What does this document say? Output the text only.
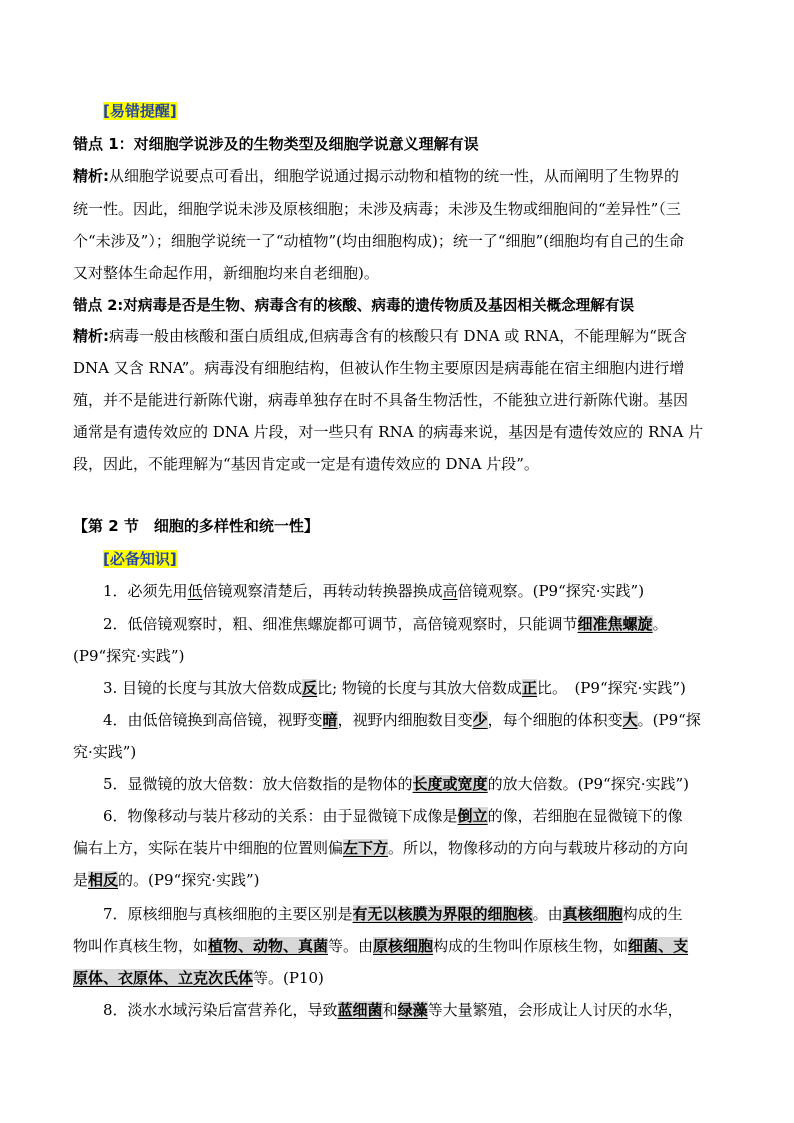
[易错提醒]
错点 1：对细胞学说涉及的生物类型及细胞学说意义理解有误
精析:从细胞学说要点可看出，细胞学说通过揭示动物和植物的统一性，从而阐明了生物界的
统一性。因此，细胞学说未涉及原核细胞；未涉及病毒；未涉及生物或细胞间的“差异性”（三
个“未涉及”）；细胞学说统一了“动植物”(均由细胞构成)；统一了“细胞”(细胞均有自己的生命
又对整体生命起作用，新细胞均来自老细胞)。
错点 2:对病毒是否是生物、病毒含有的核酸、病毒的遗传物质及基因相关概念理解有误
精析:病毒一般由核酸和蛋白质组成,但病毒含有的核酸只有 DNA 或 RNA，不能理解为“既含
DNA 又含 RNA”。病毒没有细胞结构，但被认作生物主要原因是病毒能在宿主细胞内进行增
殖，并不是能进行新陈代谢，病毒单独存在时不具备生物活性，不能独立进行新陈代谢。基因
通常是有遗传效应的 DNA 片段，对一些只有 RNA 的病毒来说，基因是有遗传效应的 RNA 片
段，因此，不能理解为“基因肯定或一定是有遗传效应的 DNA 片段”。
【第 2 节　细胞的多样性和统一性】
[必备知识]
1．必须先用低倍镜观察清楚后，再转动转换器换成高倍镜观察。(P9“探究·实践”)
2．低倍镜观察时，粗、细准焦螺旋都可调节，高倍镜观察时，只能调节细准焦螺旋。
(P9“探究·实践”)
3. 目镜的长度与其放大倍数成反比; 物镜的长度与其放大倍数成正比。　(P9“探究·实践”)
4．由低倍镜换到高倍镜，视野变暗，视野内细胞数目变少，每个细胞的体积变大。(P9“探
究·实践”)
5．显微镜的放大倍数：放大倍数指的是物体的长度或宽度的放大倍数。(P9“探究·实践”)
6．物像移动与装片移动的关系：由于显微镜下成像是倒立的像，若细胞在显微镜下的像
偏右上方，实际在装片中细胞的位置则偏左下方。所以，物像移动的方向与载玻片移动的方向
是相反的。(P9“探究·实践”)
7．原核细胞与真核细胞的主要区别是有无以核膜为界限的细胞核。由真核细胞构成的生
物叫作真核生物，如植物、动物、真菌等。由原核细胞构成的生物叫作原核生物，如细菌、支
原体、衣原体、立克次氏体等。(P10)
8．淡水水域污染后富营养化，导致蓝细菌和绿藻等大量繁殖，会形成让人讨厌的水华，
